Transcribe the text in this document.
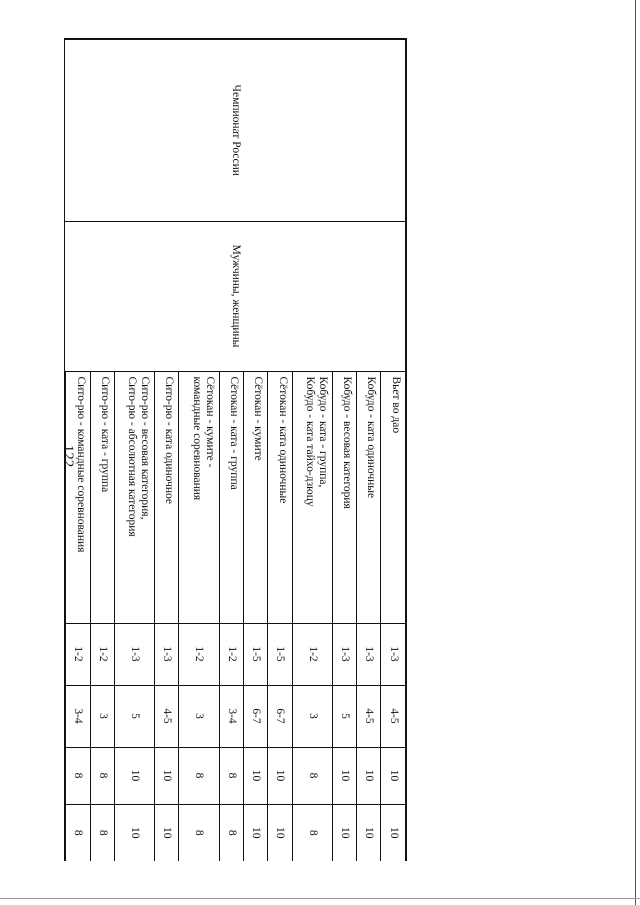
122
Чемпионат России	Мужчины, женщины	Вьет во дао	1-3	4-5	10	10

		Кобудо - ката одиночные	1-3	4-5	10	10

		Кобудо - весовая категория	1-3	5	10	10

		Кобудо - ката - группа,
Кобудо - ката тайхо-дзюцу	1-2	3	8	8

		Сётокан - ката одиночные	1-5	6-7	10	10

		Сётокан - кумите	1-5	6-7	10	10

		Сётокан - ката - группа	1-2	3-4	8	8

		Сётокан - кумите -
командные соревнования	1-2	3	8	8

		Сито-рю - ката одиночное	1-3	4-5	10	10

		Сито-рю - весовая категория,
Сито-рю - абсолютная категория	1-3	5	10	10

		Сито-рю - ката - группа	1-2	3	8	8

		Сито-рю - командные соревнования	1-2	3-4	8	8
